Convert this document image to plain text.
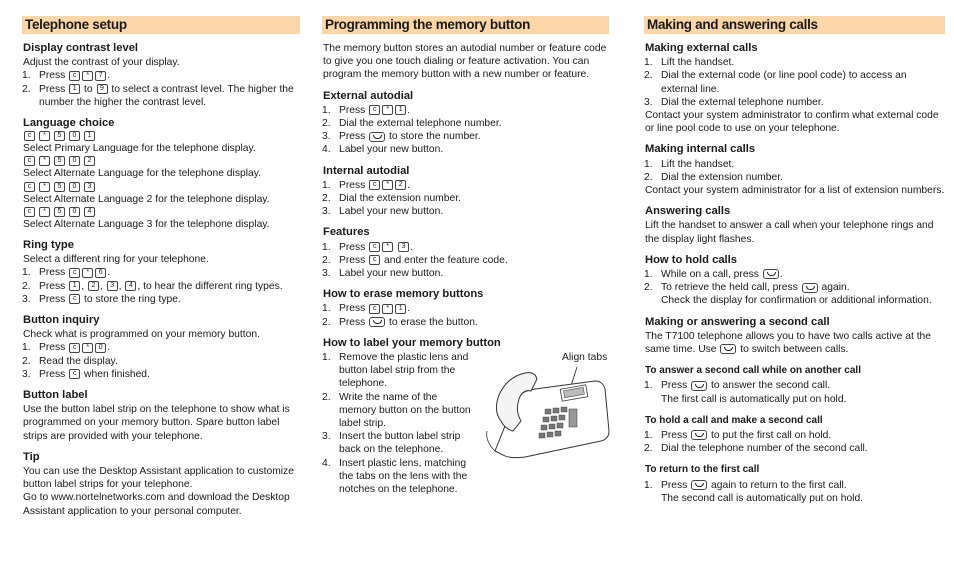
Telephone setup
Display contrast level

Adjust the contrast of your display.

1. Press c * 7 .
2. Press 1 to 9 to select a contrast level. The higher the number the higher the contrast level.
Language choice
c	*	5	0	1

Select Primary Language for the telephone display.

c	*	5	0	2

Select Alternate Language for the telephone display.

c	*	5	0	3

Select Alternate Language 2 for the telephone display.

c	*	5	0	4

Select Alternate Language 3 for the telephone display.

Ring type

Select a different ring for your telephone.

1. Press c * 6 .
2. Press 1 , 2 , 3 , 4 , to hear the different ring types.
3. Press c to store the ring type.
Button inquiry

Check what is programmed on your memory button.

1. Press c * 0 .
2. Read the display.
3. Press c when finished.
Button label

Use the button label strip on the telephone to show what is programmed on your memory button. Spare button label strips are provided with your telephone.

Tip

You can use the Desktop Assistant application to customize button label strips for your telephone.

Go to www.nortelnetworks.com and download the Desktop Assistant application to your personal computer.

Programming the memory button

The memory button stores an autodial number or feature code to give you one touch dialing or feature activation. You can program the memory button with a new number or feature.

External autodial
1. Press c * 1 .
2. Dial the external telephone number.
3. Press  to store the number.
4. Label your new button.
Internal autodial
1. Press c * 2 .
2. Dial the extension number.
3. Label your new button.
Features
1. Press c * 3 .
2. Press c and enter the feature code.
3. Label your new button.
How to erase memory buttons
1. Press c * 1 .
2. Press  to erase the button.
How to label your memory button
1. Remove the plastic lens and button label strip from the telephone.
2. Write the name of the memory button on the button label strip.
3. Insert the button label strip back on the telephone.
4. Insert plastic lens, matching the tabs on the lens with the notches on the telephone.
Align tabs
Making and answering calls
Making external calls
1. Lift the handset.
2. Dial the external code (or line pool code) to access an external line.
3. Dial the external telephone number.

Contact your system administrator to confirm what external code or line pool code to use on your telephone.

Making internal calls
1. Lift the handset.
2. Dial the extension number.

Contact your system administrator for a list of extension numbers.

Answering calls

Lift the handset to answer a call when your telephone rings and the display light flashes.

How to hold calls
1. While on a call, press .
2. To retrieve the held call, press  again.
Check the display for confirmation or additional information.
Making or answering a second call

The T7100 telephone allows you to have two calls active at the same time. Use  to switch between calls.

To answer a second call while on another call
1. Press  to answer the second call.
The first call is automatically put on hold.
To hold a call and make a second call
1. Press  to put the first call on hold.
2. Dial the telephone number of the second call.
To return to the first call
1. Press  again to return to the first call.
The second call is automatically put on hold.
